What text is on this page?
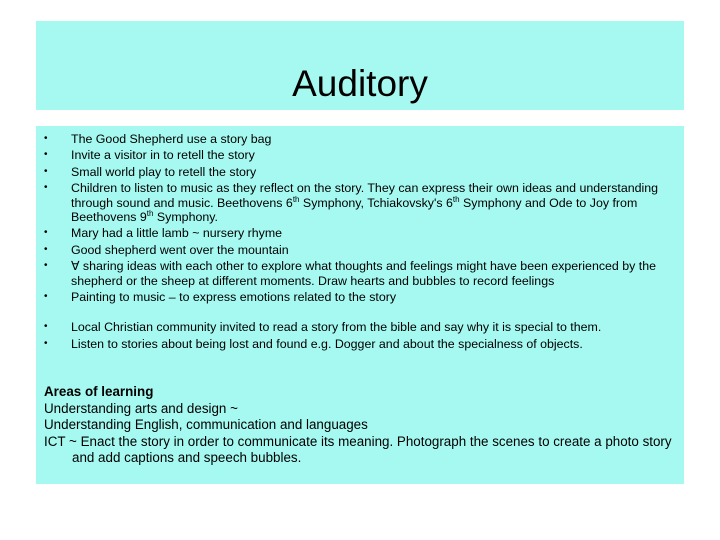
Auditory
• The Good Shepherd use a story bag
• Invite a visitor in to retell the story
• Small world play to retell the story
• Children to listen to music as they reflect on the story. They can express their own ideas and understanding through sound and music. Beethovens 6th Symphony, Tchiakovsky's 6th Symphony and Ode to Joy from Beethovens 9th Symphony.
• Mary had a little lamb ~ nursery rhyme
• Good shepherd went over the mountain
• Ɐ sharing ideas with each other to explore what thoughts and feelings might have been experienced by the shepherd or the sheep at different moments. Draw hearts and bubbles to record feelings
• Painting to music – to express emotions related to the story
• Local Christian community invited to read a story from the bible and say why it is special to them.
• Listen to stories about being lost and found e.g. Dogger and about the specialness of objects.
Areas of learning
Understanding arts and design ~
Understanding English, communication and languages
ICT ~ Enact the story in order to communicate its meaning. Photograph the scenes to create a photo story and add captions and speech bubbles.
